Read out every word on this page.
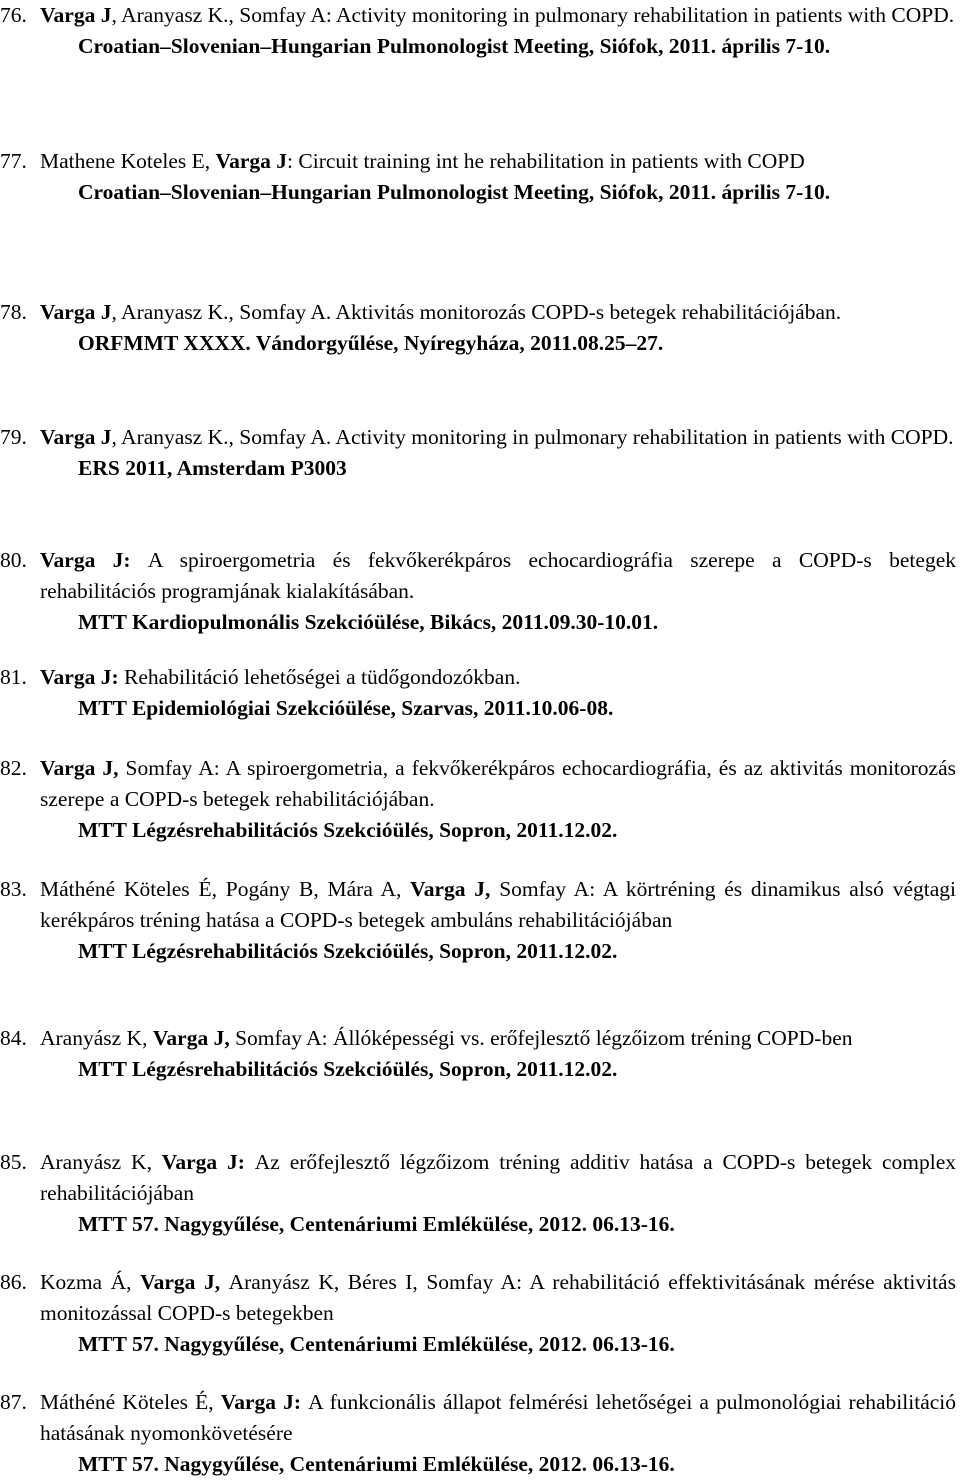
76. Varga J, Aranyasz K., Somfay A: Activity monitoring in pulmonary rehabilitation in patients with COPD.
Croatian–Slovenian–Hungarian Pulmonologist Meeting, Siófok, 2011. április 7-10.
77. Mathene Koteles E, Varga J: Circuit training int he rehabilitation in patients with COPD
Croatian–Slovenian–Hungarian Pulmonologist Meeting, Siófok, 2011. április 7-10.
78. Varga J, Aranyasz K., Somfay A. Aktivitás monitorozás COPD-s betegek rehabilitációjában.
ORFMMT XXXX. Vándorgyűlése, Nyíregyháza, 2011.08.25–27.
79. Varga J, Aranyasz K., Somfay A. Activity monitoring in pulmonary rehabilitation in patients with COPD.
ERS 2011, Amsterdam P3003
80. Varga J: A spiroergometria és fekvőkerékpáros echocardiográfia szerepe a COPD-s betegek rehabilitációs programjának kialakításában.
MTT Kardiopulmonális Szekcióülése, Bikács, 2011.09.30-10.01.
81. Varga J: Rehabilitáció lehetőségei a tüdőgondozókban.
MTT Epidemiológiai Szekcióülése, Szarvas, 2011.10.06-08.
82. Varga J, Somfay A: A spiroergometria, a fekvőkerékpáros echocardiográfia, és az aktivitás monitorozás szerepe a COPD-s betegek rehabilitációjában.
MTT Légzésrehabilitációs Szekcióülés, Sopron, 2011.12.02.
83. Máthéné Köteles É, Pogány B, Mára A, Varga J, Somfay A: A körtréning és dinamikus alsó végtagi kerékpáros tréning hatása a COPD-s betegek ambuláns rehabilitációjában
MTT Légzésrehabilitációs Szekcióülés, Sopron, 2011.12.02.
84. Aranyász K, Varga J, Somfay A: Állóképességi vs. erőfejlesztő légzőizom tréning COPD-ben
MTT Légzésrehabilitációs Szekcióülés, Sopron, 2011.12.02.
85. Aranyász K, Varga J: Az erőfejlesztő légzőizom tréning additiv hatása a COPD-s betegek complex rehabilitációjában
MTT 57. Nagygyűlése, Centenáriumi Emlékülése, 2012. 06.13-16.
86. Kozma Á, Varga J, Aranyász K, Béres I, Somfay A: A rehabilitáció effektivitásának mérése aktivitás monitozással COPD-s betegekben
MTT 57. Nagygyűlése, Centenáriumi Emlékülése, 2012. 06.13-16.
87. Máthéné Köteles É, Varga J: A funkcionális állapot felmérési lehetőségei a pulmonológiai rehabilitáció hatásának nyomonkövetésére
MTT 57. Nagygyűlése, Centenáriumi Emlékülése, 2012. 06.13-16.
